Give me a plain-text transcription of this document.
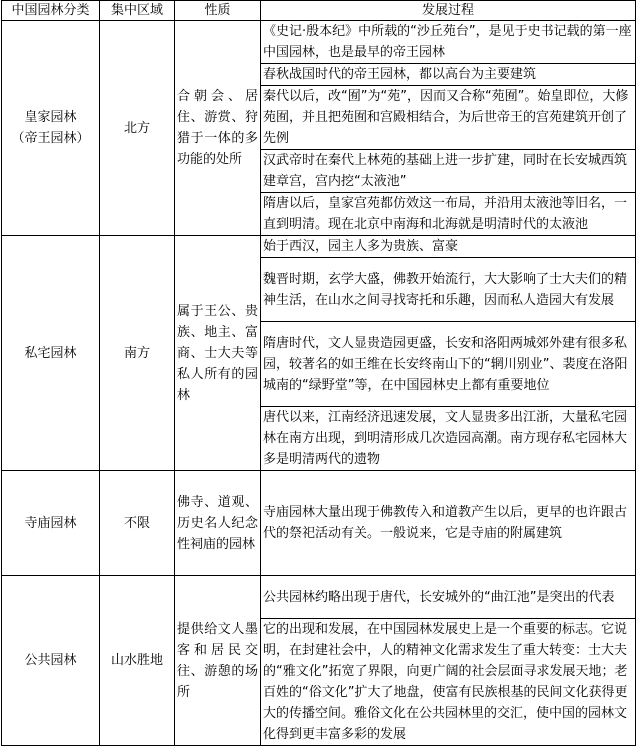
中国园林分类	集中区域	性质	发展过程
皇家园林
（帝王园林）	北方	合朝会、居住、游赏、狩猎于一体的多功能的处所	《史记·殷本纪》中所载的“沙丘苑台”，是见于史书记载的第一座中国园林，也是最早的帝王园林
			春秋战国时代的帝王园林，都以高台为主要建筑
			秦代以后，改“囿”为“苑”，因而又合称“苑囿”。始皇即位，大修苑囿，并且把苑囿和宫殿相结合，为后世帝王的宫苑建筑开创了先例
			汉武帝时在秦代上林苑的基础上进一步扩建，同时在长安城西筑建章宫，宫内挖“太液池”
			隋唐以后，皇家宫苑都仿效这一布局，并沿用太液池等旧名，一直到明清。现在北京中南海和北海就是明清时代的太液池
私宅园林	南方	属于王公、贵族、地主、富商、士大夫等私人所有的园林	始于西汉，园主人多为贵族、富豪
			魏晋时期，玄学大盛，佛教开始流行，大大影响了士大夫们的精神生活，在山水之间寻找寄托和乐趣，因而私人造园大有发展
			隋唐时代，文人显贵造园更盛，长安和洛阳两城郊外建有很多私园，较著名的如王维在长安终南山下的“辋川别业”、裴度在洛阳城南的“绿野堂”等，在中国园林史上都有重要地位
			唐代以来，江南经济迅速发展，文人显贵多出江浙，大量私宅园林在南方出现，到明清形成几次造园高潮。南方现存私宅园林大多是明清两代的遗物
寺庙园林	不限	佛寺、道观、历史名人纪念性祠庙的园林	寺庙园林大量出现于佛教传入和道教产生以后，更早的也许跟古代的祭祀活动有关。一般说来，它是寺庙的附属建筑
公共园林	山水胜地	提供给文人墨客和居民交往、游憩的场所	公共园林约略出现于唐代，长安城外的“曲江池”是突出的代表
			它的出现和发展，在中国园林发展史上是一个重要的标志。它说明，在封建社会中，人的精神文化需求发生了重大转变：士大夫的“雅文化”拓宽了界限，向更广阔的社会层面寻求发展天地；老百姓的“俗文化”扩大了地盘，使富有民族根基的民间文化获得更大的传播空间。雅俗文化在公共园林里的交汇，使中国的园林文化得到更丰富多彩的发展
